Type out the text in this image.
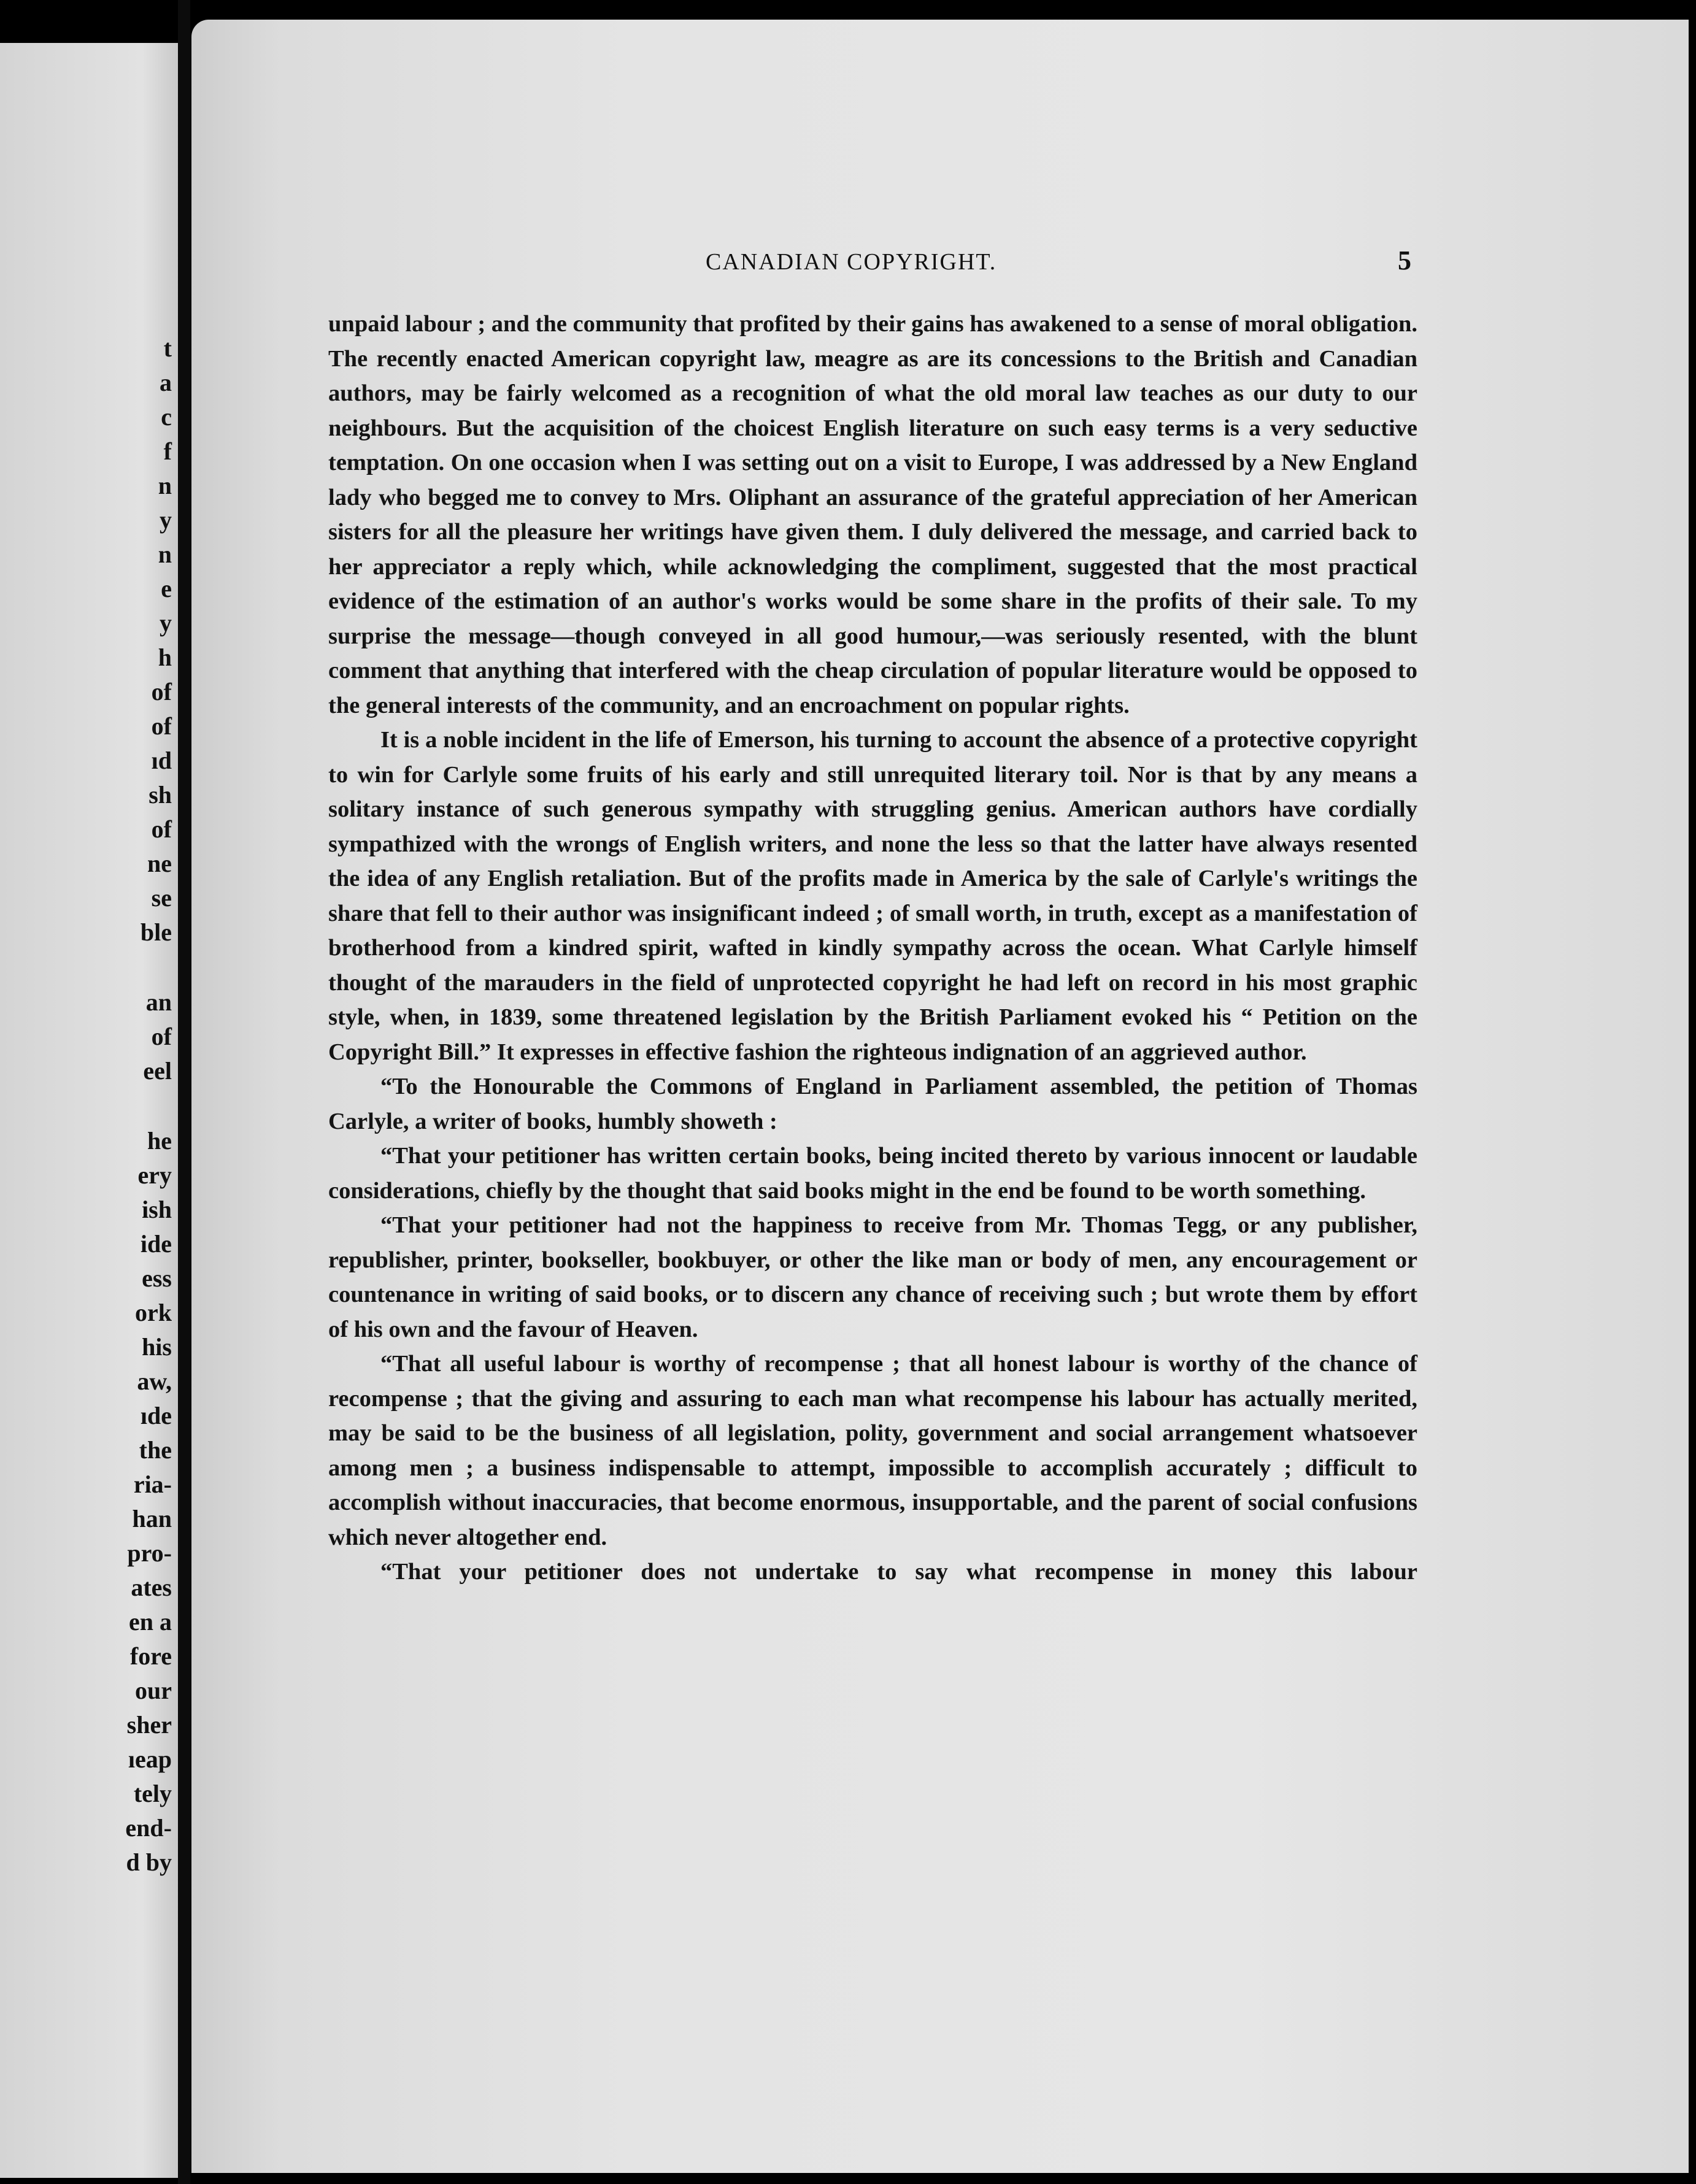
t
a
c
f
n
y
n
e
y
h
of
of
ıd
sh
of
ne
se
ble
an
of
eel
he
ery
ish
ide
ess
ork
his
aw,
ıde
the
ria-
han
pro-
ates
en a
fore
our
sher
ıeap
tely
end-
d by
CANADIAN COPYRIGHT.	5

unpaid labour ; and the community that profited by their gains has awakened to a sense of moral obligation. The recently enacted American copyright law, meagre as are its concessions to the British and Canadian authors, may be fairly welcomed as a recognition of what the old moral law teaches as our duty to our neighbours. But the acquisition of the choicest English literature on such easy terms is a very seductive temptation. On one occasion when I was setting out on a visit to Europe, I was addressed by a New England lady who begged me to convey to Mrs. Oliphant an assurance of the grateful appreciation of her American sisters for all the pleasure her writings have given them. I duly delivered the message, and carried back to her appreciator a reply which, while acknowledging the compliment, suggested that the most practical evidence of the estimation of an author's works would be some share in the profits of their sale. To my surprise the message—though conveyed in all good humour,—was seriously resented, with the blunt comment that anything that interfered with the cheap circulation of popular literature would be opposed to the general interests of the community, and an encroachment on popular rights.

It is a noble incident in the life of Emerson, his turning to account the absence of a protective copyright to win for Carlyle some fruits of his early and still unrequited literary toil. Nor is that by any means a solitary instance of such generous sympathy with struggling genius. American authors have cordially sympathized with the wrongs of English writers, and none the less so that the latter have always resented the idea of any English retaliation. But of the profits made in America by the sale of Carlyle's writings the share that fell to their author was insignificant indeed ; of small worth, in truth, except as a manifestation of brotherhood from a kindred spirit, wafted in kindly sympathy across the ocean. What Carlyle himself thought of the marauders in the field of unprotected copyright he had left on record in his most graphic style, when, in 1839, some threatened legislation by the British Parliament evoked his “ Petition on the Copyright Bill.” It expresses in effective fashion the righteous indignation of an aggrieved author.

“To the Honourable the Commons of England in Parliament assembled, the petition of Thomas Carlyle, a writer of books, humbly showeth :

“That your petitioner has written certain books, being incited thereto by various innocent or laudable considerations, chiefly by the thought that said books might in the end be found to be worth something.

“That your petitioner had not the happiness to receive from Mr. Thomas Tegg, or any publisher, republisher, printer, bookseller, bookbuyer, or other the like man or body of men, any encouragement or countenance in writing of said books, or to discern any chance of receiving such ; but wrote them by effort of his own and the favour of Heaven.

“That all useful labour is worthy of recompense ; that all honest labour is worthy of the chance of recompense ; that the giving and assuring to each man what recompense his labour has actually merited, may be said to be the business of all legislation, polity, government and social arrangement whatsoever among men ; a business indispensable to attempt, impossible to accomplish accurately ; difficult to accomplish without inaccuracies, that become enormous, insupportable, and the parent of social confusions which never altogether end.

“That your petitioner does not undertake to say what recompense in money this labour
